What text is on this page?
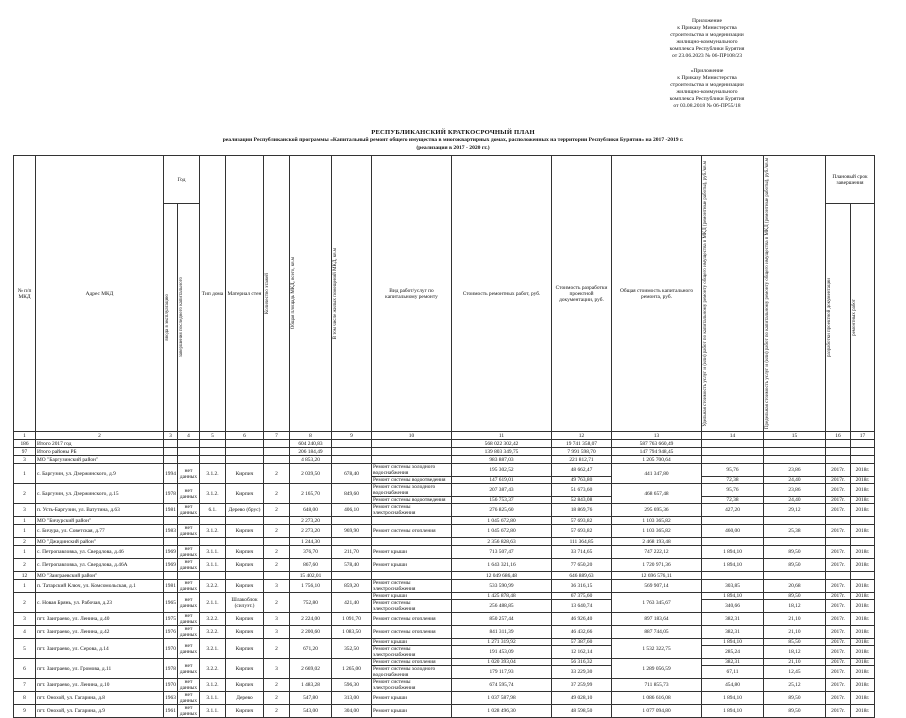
Приложение
к Приказу Министерства
строительства и модернизации
жилищно-коммунального
комплекса Республики Бурятия
от 23.06.2023 № 06-ПР108/23
«Приложение
к Приказу Министерства
строительства и модернизации
жилищно-коммунального
комплекса Республики Бурятия
от 03.08.2018 № 06-ПР55/18
РЕСПУБЛИКАНСКИЙ КРАТКОСРОЧНЫЙ ПЛАН
реализации Республиканской программы «Капитальный ремонт общего имущества в многоквартирных домах, расположенных на территории Республики Бурятия» на 2017 -2019 г.
(реализация в 2017 - 2020 гг.)
№ п/п МКД	Адрес МКД	Год		Тип дома	Материал стен	Количество этажей	Общая площадь МКД, всего, кв.м	В том числе жилых помещений МКД, кв.м	Вид работ/услуг по капитальному ремонту	Стоимость ремонтных работ, руб.	Стоимость разработки проектной документации, руб.	Общая стоимость капитального ремонта, руб.	Удельная стоимость услуг и (или) работ по капитальному ремонту общего имущества в МКД (ремонтные работы), руб./кв.м	Предельная стоимость услуг и (или) работ по капитальному ремонту общего имущества в МКД (ремонтные работы), руб./кв.м	Плановый срок завершения	

		ввода в эксплуатацию	завершения последнего капитального												разработки проектной документации	ремонтных работ

1	2	3	4	5	6	7	8	9	10	11	12	13	14	15	16	17
186	Итого 2017 год						604 240,83			568 022 302,42	19 741 358,07	587 763 660,49				
97	Итого районы РБ						206 184,49			139 803 349,75	7 991 598,70	147 794 948,45				
3	МО "Баргузинский район"						4 853,20			983 887,03	221 812,71	1 205 700,64				
1	с. Баргузин, ул. Дзержинского, д.9	1994	нет данных	3.1.2.	Кирпич	2	2 039,50	678,40	Ремонт системы холодного водоснабжения	195 302,52	48 662,47	441 347,80	95,76	23,86	2017г.	2018г.
									Ремонт системы водоотведения	147 619,01	49 763,80		72,38	24,40	2017г.	2018г.
2	с. Баргузин, ул. Дзержинского, д.15	1978	нет данных	3.1.2.	Кирпич	2	2 165,70	849,60	Ремонт системы холодного водоснабжения	207 387,43	51 673,60	468 657,48	95,76	23,86	2017г.	2018г.
									Ремонт системы водоотведения	156 753,37	52 843,08		72,38	24,40	2017г.	2018г.
3	п. Усть-Баргузин, ул. Ватутина, д.63	1981	нет данных	6.1.	Дерево (брус)	2	648,00	406,10	Ремонт системы электроснабжения	276 825,60	18 869,76	295 695,36	427,20	29,12	2017г.	2018г.
1	МО "Бичурский район"						2 273,20			1 045 672,80	57 693,82	1 103 365,82				
1	с. Бичура, ул. Советская, д.77	1983	нет данных	3.1.2.	Кирпич	2	2 273,20	969,90	Ремонт системы отопления	1 045 672,80	57 693,82	1 103 365,82	460,00	25,38	2017г.	2018г.
2	МО "Джидинский район"						1 244,30			2 356 828,63	111 364,85	2 468 193,48				
1	с. Петропавловка, ул. Свердлова, д.46	1969	нет данных	3.1.1.	Кирпич	2	376,70	211,70	Ремонт крыши	713 507,47	33 714,65	747 222,12	1 894,10	89,50	2017г.	2018г.
2	с. Петропавловка, ул. Свердлова, д.46А	1969	нет данных	3.1.1.	Кирпич	2	867,60	578,40	Ремонт крыши	1 643 321,16	77 650,20	1 720 971,36	1 894,10	89,50	2017г.	2018г.
12	МО "Заиграевский район"						15 402,01			12 049 686,48	646 889,63	12 696 576,11				
1	п. Татарский Ключ, ул. Комсомольская, д.1	1981	нет данных	3.2.2.	Кирпич	3	1 756,10	859,20	Ремонт системы электроснабжения	533 590,99	36 316,15	569 907,14	303,85	20,68	2017г.	2018г.
2	с. Новая Брянь, ул. Рабочая, д.23	1965	нет данных	2.1.1.	Шлакоблок (силуэт.)	2	752,80	421,40	Ремонт крыши	1 425 878,48	67 375,60	1 763 345,67	1 894,10	89,50	2017г.	2018г.
									Ремонт системы электроснабжения	256 488,85	13 640,74		340,66	18,12	2017г.	2018г.
3	пгт. Заиграево, ул. Ленина, д.40	1975	нет данных	3.2.2.	Кирпич	3	2 224,00	1 091,70	Ремонт системы отопления	850 257,44	46 926,40	897 183,64	382,31	21,10	2017г.	2018г.
4	пгт. Заиграево, ул. Ленина, д.42	1976	нет данных	3.2.2.	Кирпич	3	2 200,60	1 083,50	Ремонт системы отопления	841 311,39	46 432,66	887 744,05	382,31	21,10	2017г.	2018г.
5	пгт. Заиграево, ул. Серова, д.14	1970	нет данных	3.2.1.	Кирпич	2	671,20	352,50	Ремонт крыши	1 271 319,92	57 387,60	1 532 322,75	1 894,10	85,50	2017г.	2018г.
									Ремонт системы электроснабжения	191 453,09	12 162,14		285,24	18,12	2017г.	2018г.
6	пгт. Заиграево, ул. Громова, д.11	1978	нет данных	3.2.2.	Кирпич	3	2 669,02	1 265,00	Ремонт системы отопления	1 020 393,04	56 316,32	1 289 056,59	382,31	21,10	2017г.	2018г.
									Ремонт системы холодного водоснабжения	179 117,93	33 229,30		67,11	12,45	2017г.	2018г.
7	пгт. Заиграево, ул. Ленина, д.10	1970	нет данных	3.1.2.	Кирпич	2	1 483,28	596,30	Ремонт системы электроснабжения	674 595,74	37 259,99	711 855,73	454,80	25,12	2017г.	2018г.
8	пгт. Онохой, ул. Гагарина, д.8	1963	нет данных	3.1.1.	Дерево	2	547,80	313,00	Ремонт крыши	1 037 587,98	49 028,10	1 086 616,08	1 894,10	89,50	2017г.	2018г.
9	пгт. Онохой, ул. Гагарина, д.9	1961	нет данных	3.1.1.	Кирпич	2	543,00	304,00	Ремонт крыши	1 028 496,30	48 598,50	1 077 094,80	1 894,10	89,50	2017г.	2018г.
